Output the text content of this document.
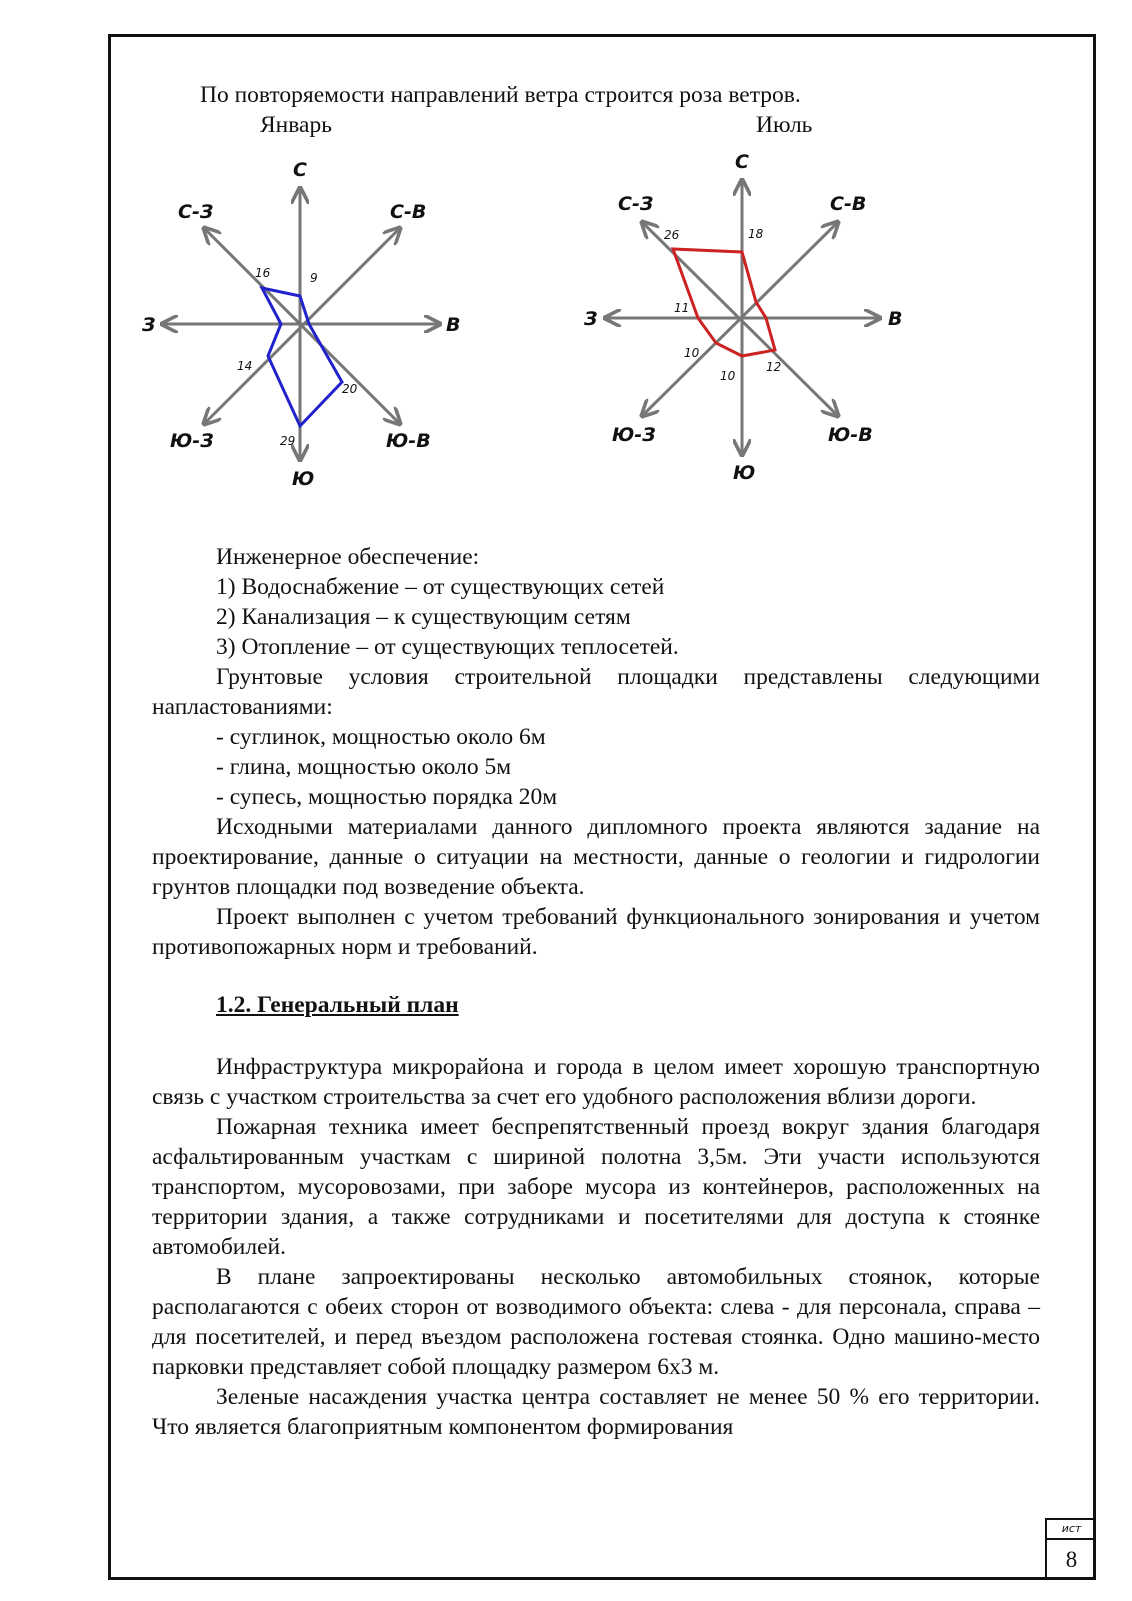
По повторяемости направлений ветра строится роза ветров.
Январь	Июль
С
С-В
В
Ю-В
Ю
Ю-З
З
С-З
9
16
14
29
20
С
С-В
В
Ю-В
Ю
Ю-З
З
С-З
26	18
11
10
10
12

Инженерное обеспечение:

1) Водоснабжение – от существующих сетей

2) Канализация – к существующим сетям

3) Отопление – от существующих теплосетей.

Грунтовые условия строительной площадки представлены следующими напластованиями:

- суглинок, мощностью около 6м

- глина, мощностью около 5м

- супесь, мощностью порядка 20м

Исходными материалами данного дипломного проекта являются задание на проектирование, данные о ситуации на местности, данные о геологии и гидрологии грунтов площадки под возведение объекта.

Проект выполнен с учетом требований функционального зонирования и учетом противопожарных норм и требований.

1.2. Генеральный план

Инфраструктура микрорайона и города в целом имеет хорошую транспортную связь с участком строительства за счет его удобного расположения вблизи дороги.

Пожарная техника имеет беспрепятственный проезд вокруг здания благодаря асфальтированным участкам с шириной полотна 3,5м. Эти участи используются транспортом, мусоровозами, при заборе мусора из контейнеров, расположенных на территории здания, а также сотрудниками и посетителями для доступа к стоянке автомобилей.

В плане запроектированы несколько автомобильных стоянок, которые располагаются с обеих сторон от возводимого объекта: слева - для персонала, справа – для посетителей, и перед въездом расположена гостевая стоянка. Одно машино-место парковки представляет собой площадку размером 6х3 м.

Зеленые насаждения участка центра составляет не менее 50 % его территории. Что является благоприятным компонентом формирования

ист
8
